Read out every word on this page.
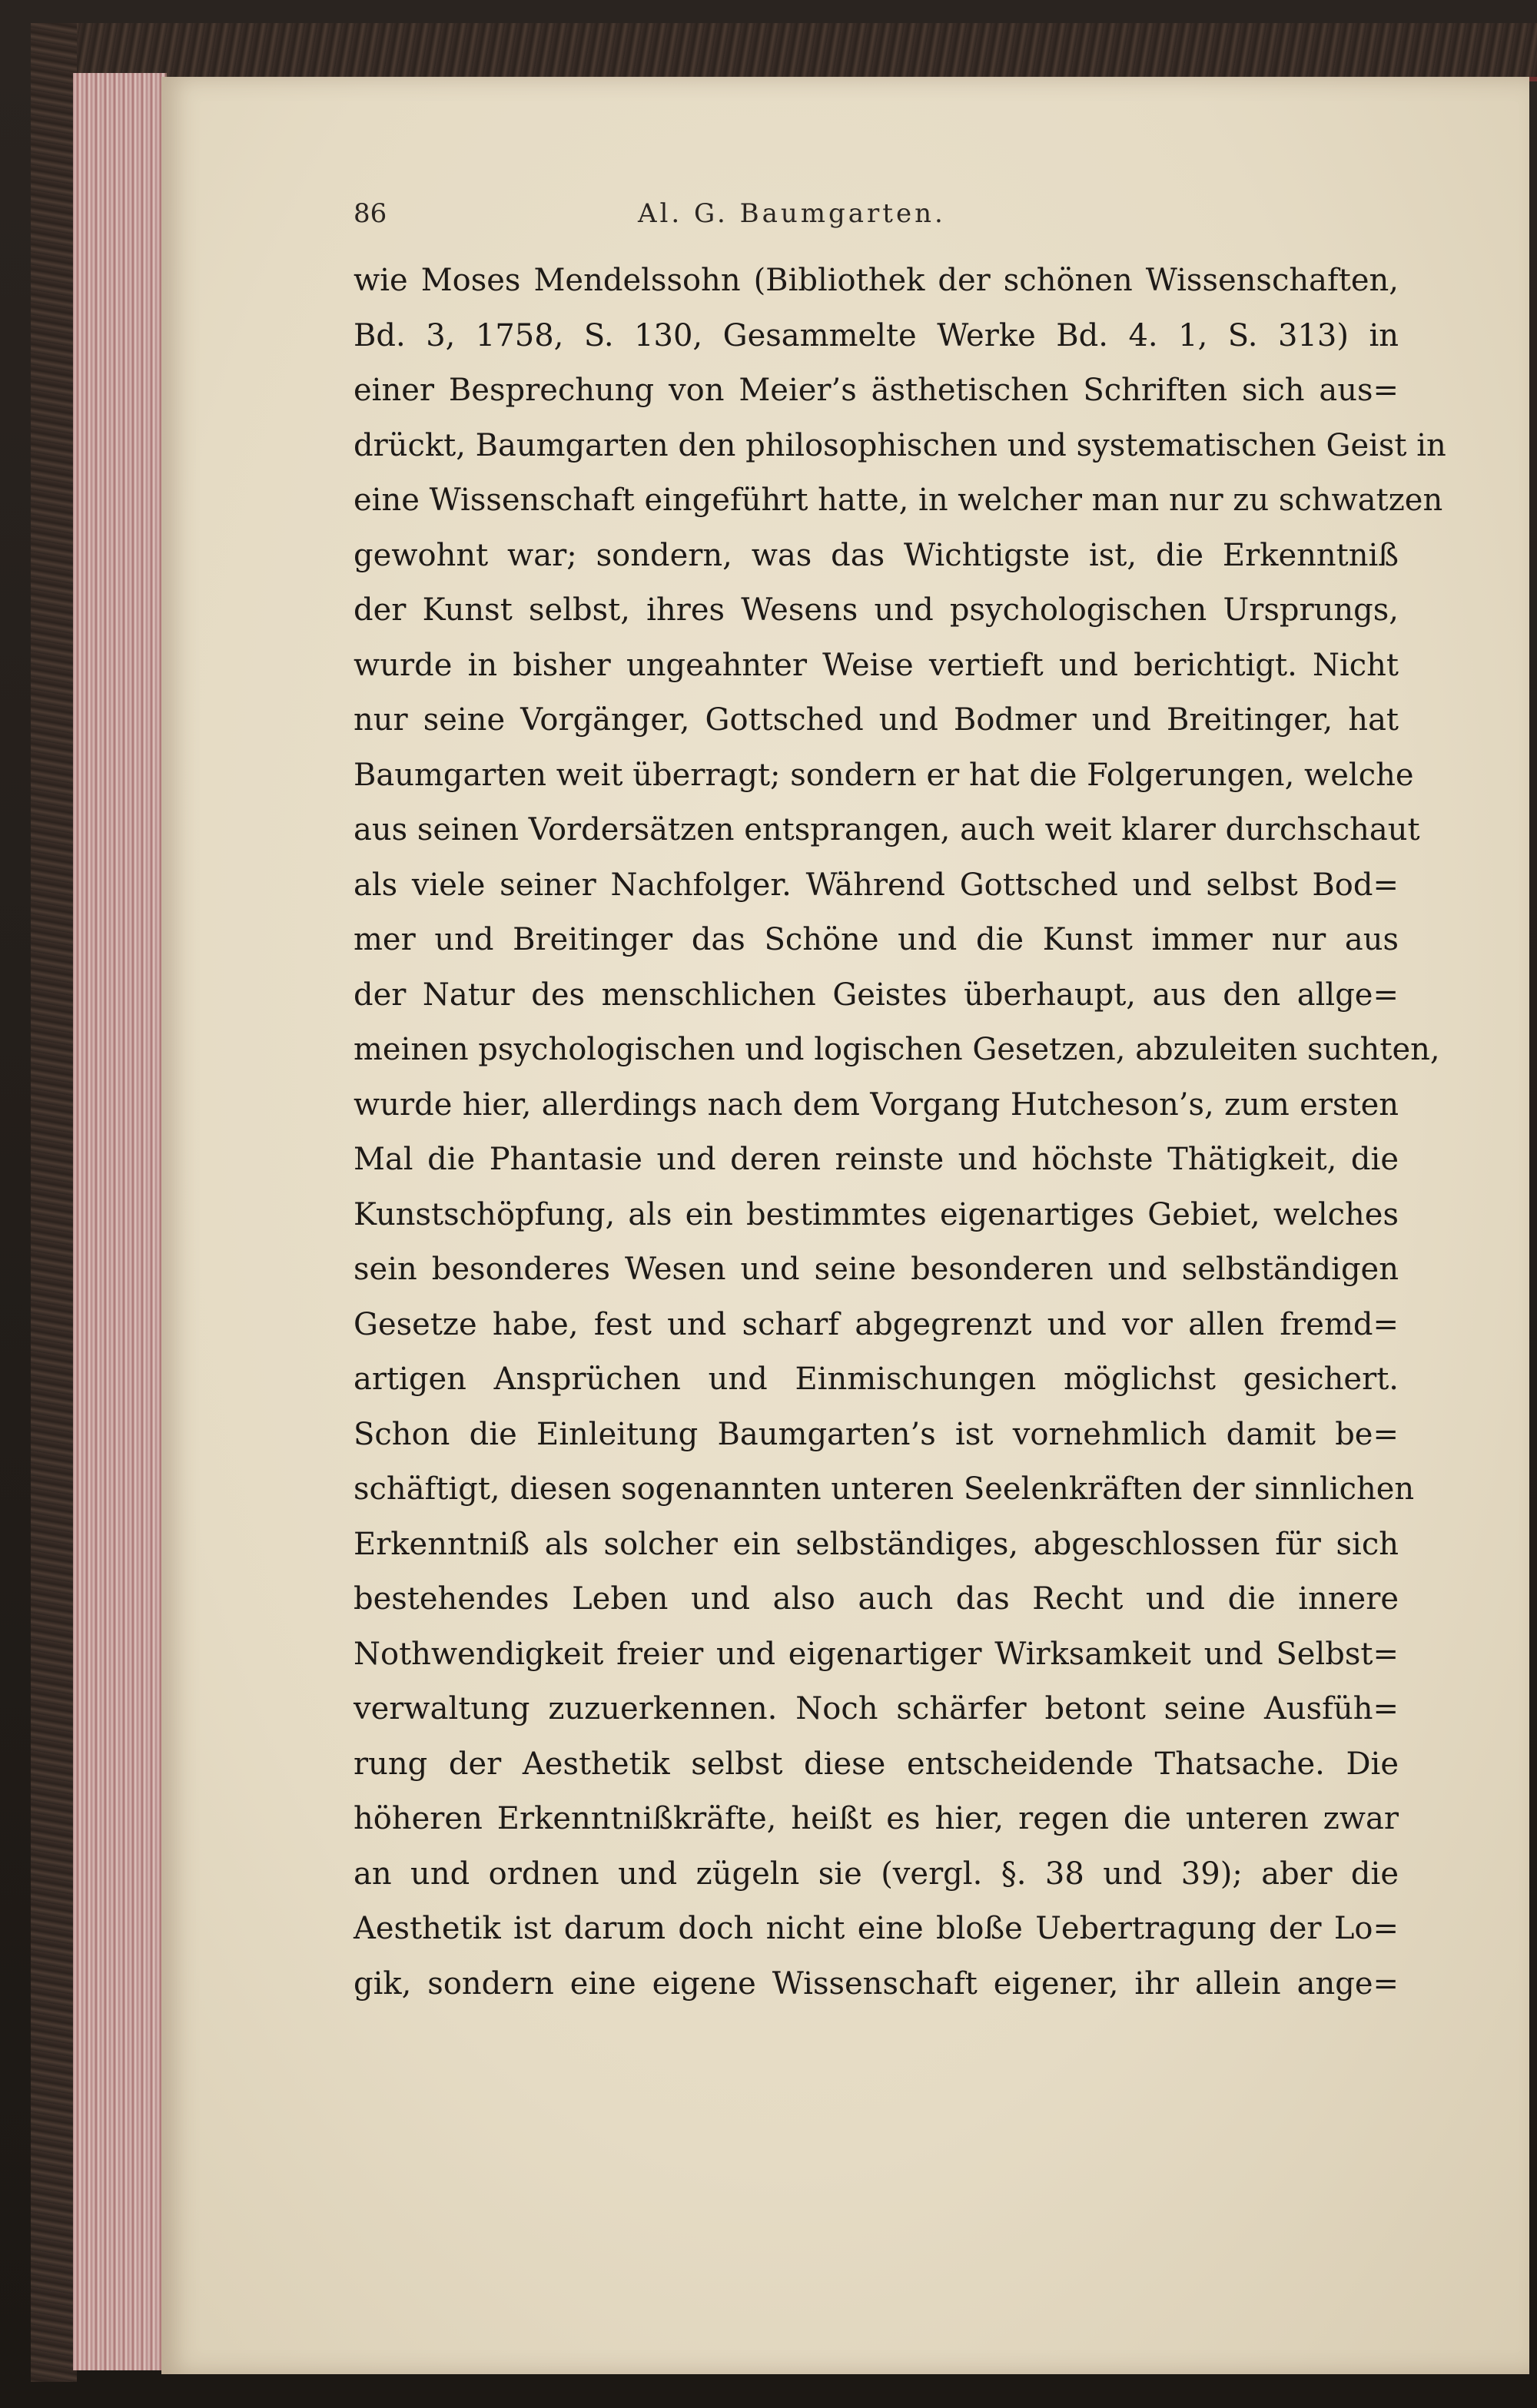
86	Al. G. Baumgarten.
wie Moses Mendelssohn (Bibliothek der schönen Wissenschaften,
Bd. 3, 1758, S. 130, Gesammelte Werke Bd. 4. 1, S. 313) in
einer Besprechung von Meier’s ästhetischen Schriften sich aus=
drückt, Baumgarten den philosophischen und systematischen Geist in
eine Wissenschaft eingeführt hatte, in welcher man nur zu schwatzen
gewohnt war; sondern, was das Wichtigste ist, die Erkenntniß
der Kunst selbst, ihres Wesens und psychologischen Ursprungs,
wurde in bisher ungeahnter Weise vertieft und berichtigt. Nicht
nur seine Vorgänger, Gottsched und Bodmer und Breitinger, hat
Baumgarten weit überragt; sondern er hat die Folgerungen, welche
aus seinen Vordersätzen entsprangen, auch weit klarer durchschaut
als viele seiner Nachfolger. Während Gottsched und selbst Bod=
mer und Breitinger das Schöne und die Kunst immer nur aus
der Natur des menschlichen Geistes überhaupt, aus den allge=
meinen psychologischen und logischen Gesetzen, abzuleiten suchten,
wurde hier, allerdings nach dem Vorgang Hutcheson’s, zum ersten
Mal die Phantasie und deren reinste und höchste Thätigkeit, die
Kunstschöpfung, als ein bestimmtes eigenartiges Gebiet, welches
sein besonderes Wesen und seine besonderen und selbständigen
Gesetze habe, fest und scharf abgegrenzt und vor allen fremd=
artigen Ansprüchen und Einmischungen möglichst gesichert.
Schon die Einleitung Baumgarten’s ist vornehmlich damit be=
schäftigt, diesen sogenannten unteren Seelenkräften der sinnlichen
Erkenntniß als solcher ein selbständiges, abgeschlossen für sich
bestehendes Leben und also auch das Recht und die innere
Nothwendigkeit freier und eigenartiger Wirksamkeit und Selbst=
verwaltung zuzuerkennen. Noch schärfer betont seine Ausfüh=
rung der Aesthetik selbst diese entscheidende Thatsache. Die
höheren Erkenntnißkräfte, heißt es hier, regen die unteren zwar
an und ordnen und zügeln sie (vergl. §. 38 und 39); aber die
Aesthetik ist darum doch nicht eine bloße Uebertragung der Lo=
gik, sondern eine eigene Wissenschaft eigener, ihr allein ange=
